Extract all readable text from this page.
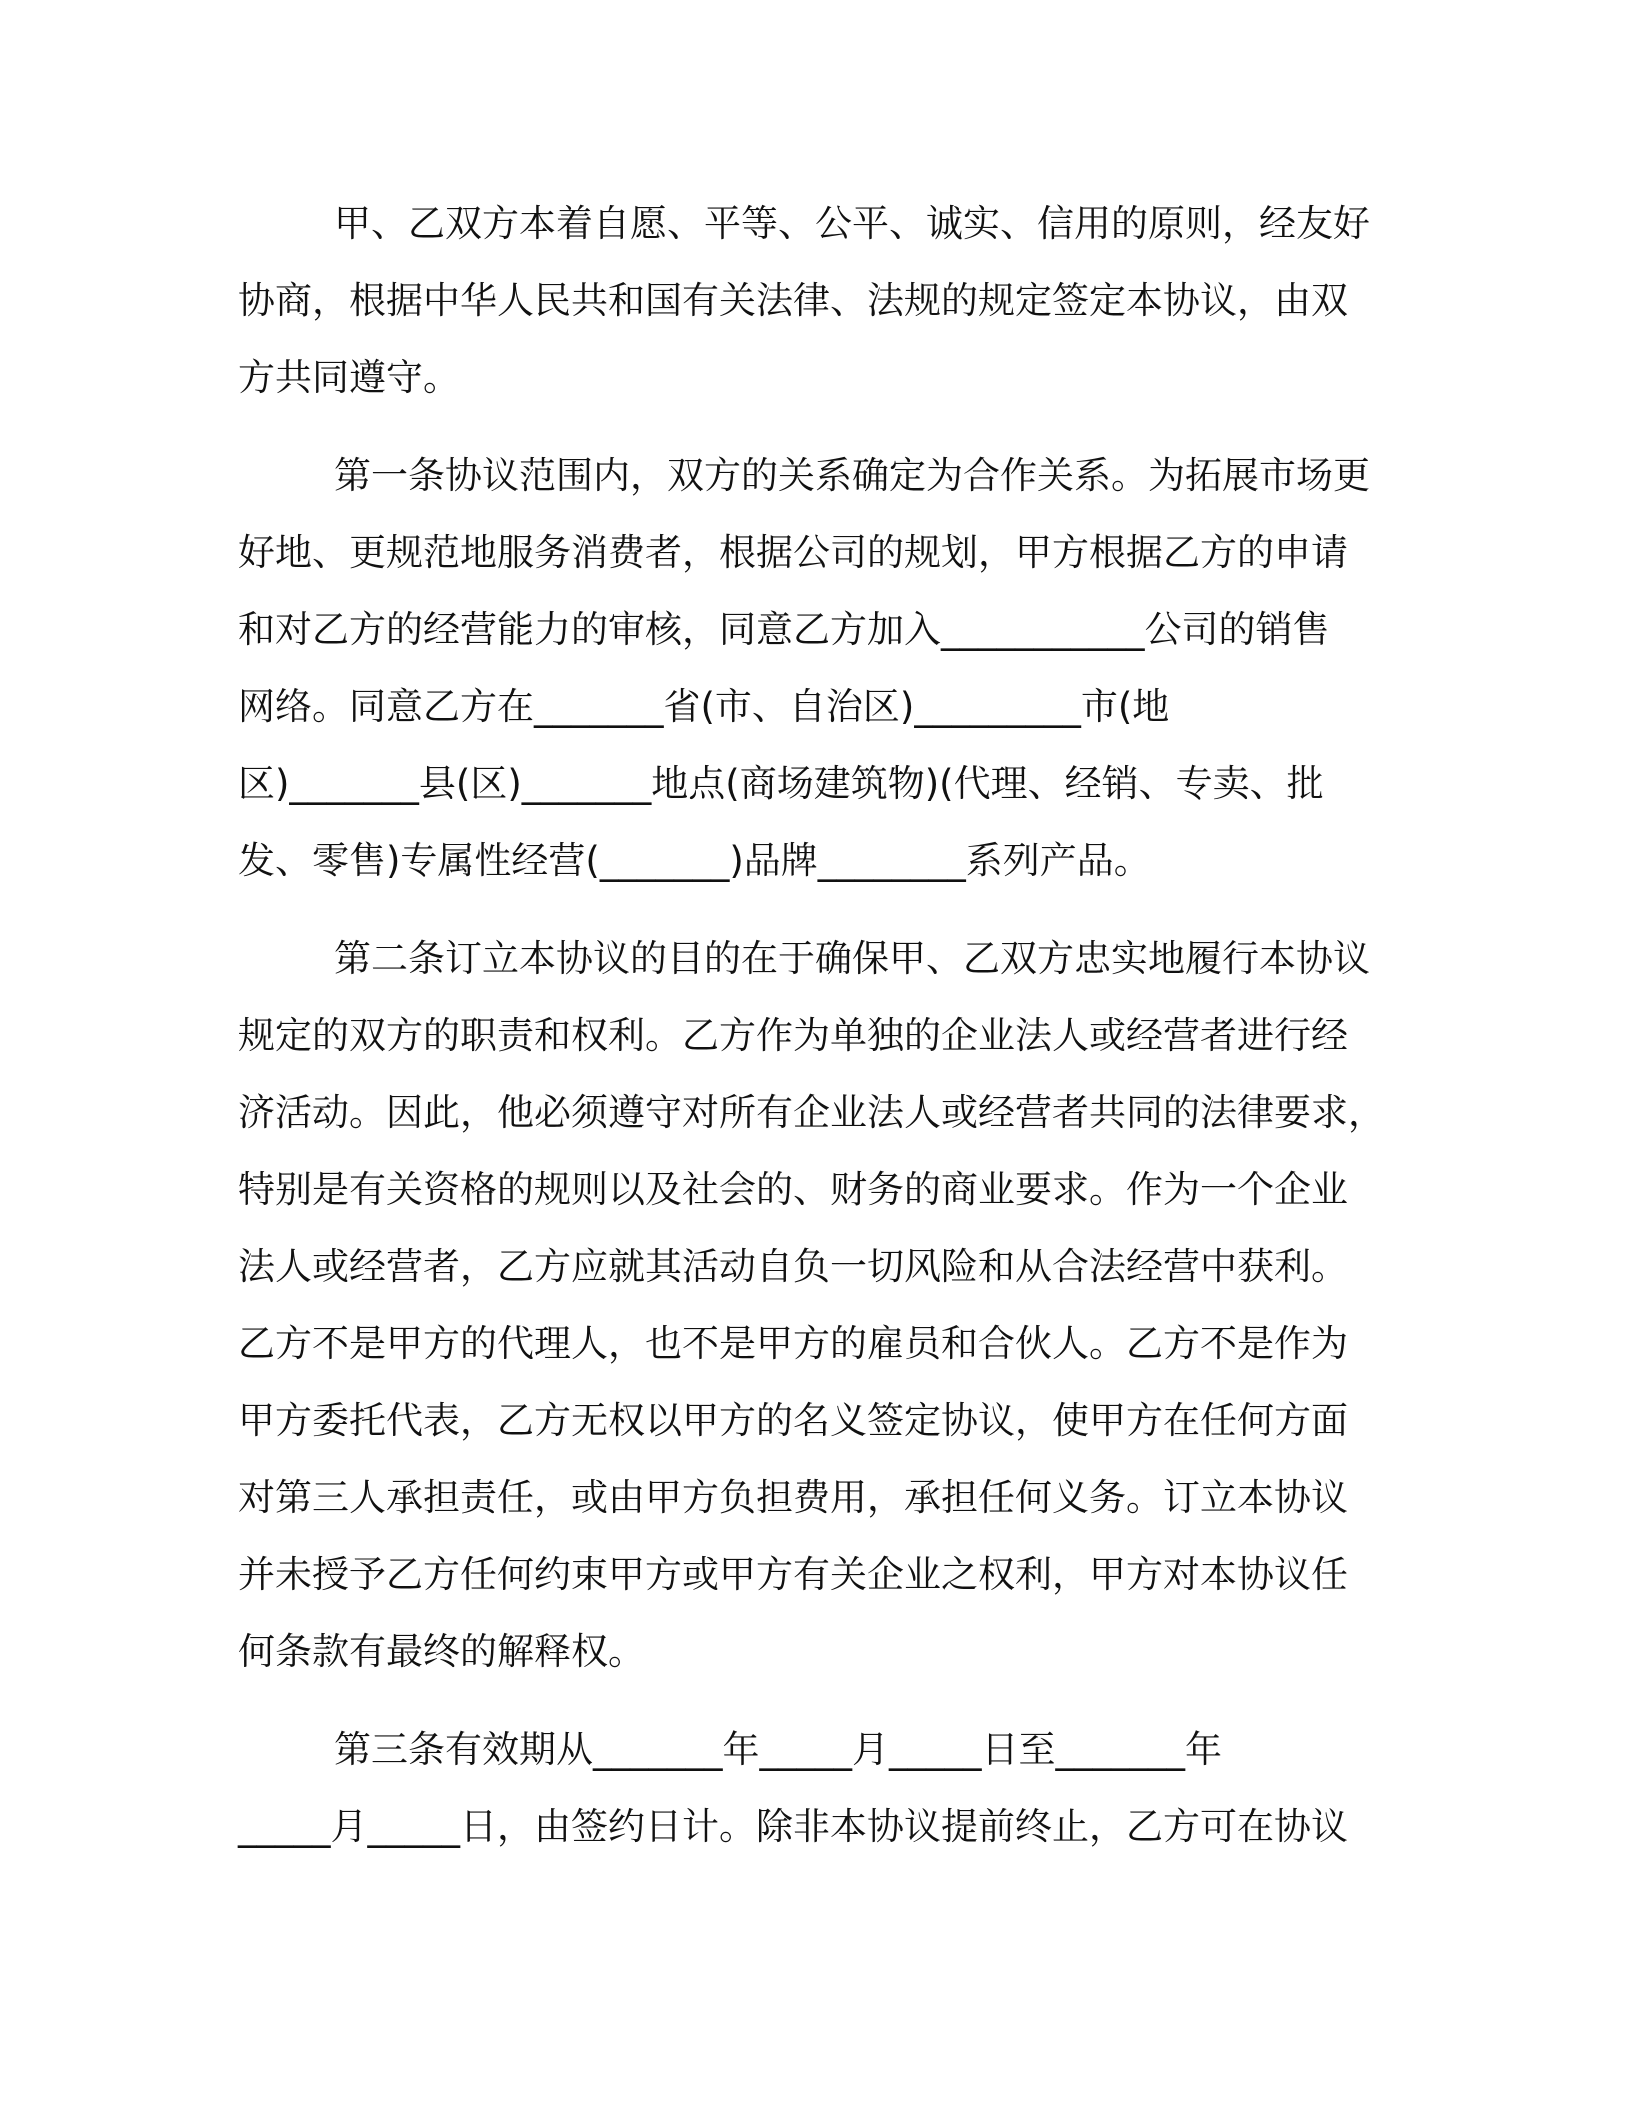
甲、乙双方本着自愿、平等、公平、诚实、信用的原则，经友好
协商，根据中华人民共和国有关法律、法规的规定签定本协议，由双
方共同遵守。
第一条协议范围内，双方的关系确定为合作关系。为拓展市场更
好地、更规范地服务消费者，根据公司的规划，甲方根据乙方的申请
和对乙方的经营能力的审核，同意乙方加入___________公司的销售
网络。同意乙方在_______省(市、自治区)_________市(地
区)_______县(区)_______地点(商场建筑物)(代理、经销、专卖、批
发、零售)专属性经营(_______)品牌________系列产品。
第二条订立本协议的目的在于确保甲、乙双方忠实地履行本协议
规定的双方的职责和权利。乙方作为单独的企业法人或经营者进行经
济活动。因此，他必须遵守对所有企业法人或经营者共同的法律要求，
特别是有关资格的规则以及社会的、财务的商业要求。作为一个企业
法人或经营者，乙方应就其活动自负一切风险和从合法经营中获利。
乙方不是甲方的代理人，也不是甲方的雇员和合伙人。乙方不是作为
甲方委托代表，乙方无权以甲方的名义签定协议，使甲方在任何方面
对第三人承担责任，或由甲方负担费用，承担任何义务。订立本协议
并未授予乙方任何约束甲方或甲方有关企业之权利，甲方对本协议任
何条款有最终的解释权。
第三条有效期从_______年_____月_____日至_______年
_____月_____日，由签约日计。除非本协议提前终止，乙方可在协议
